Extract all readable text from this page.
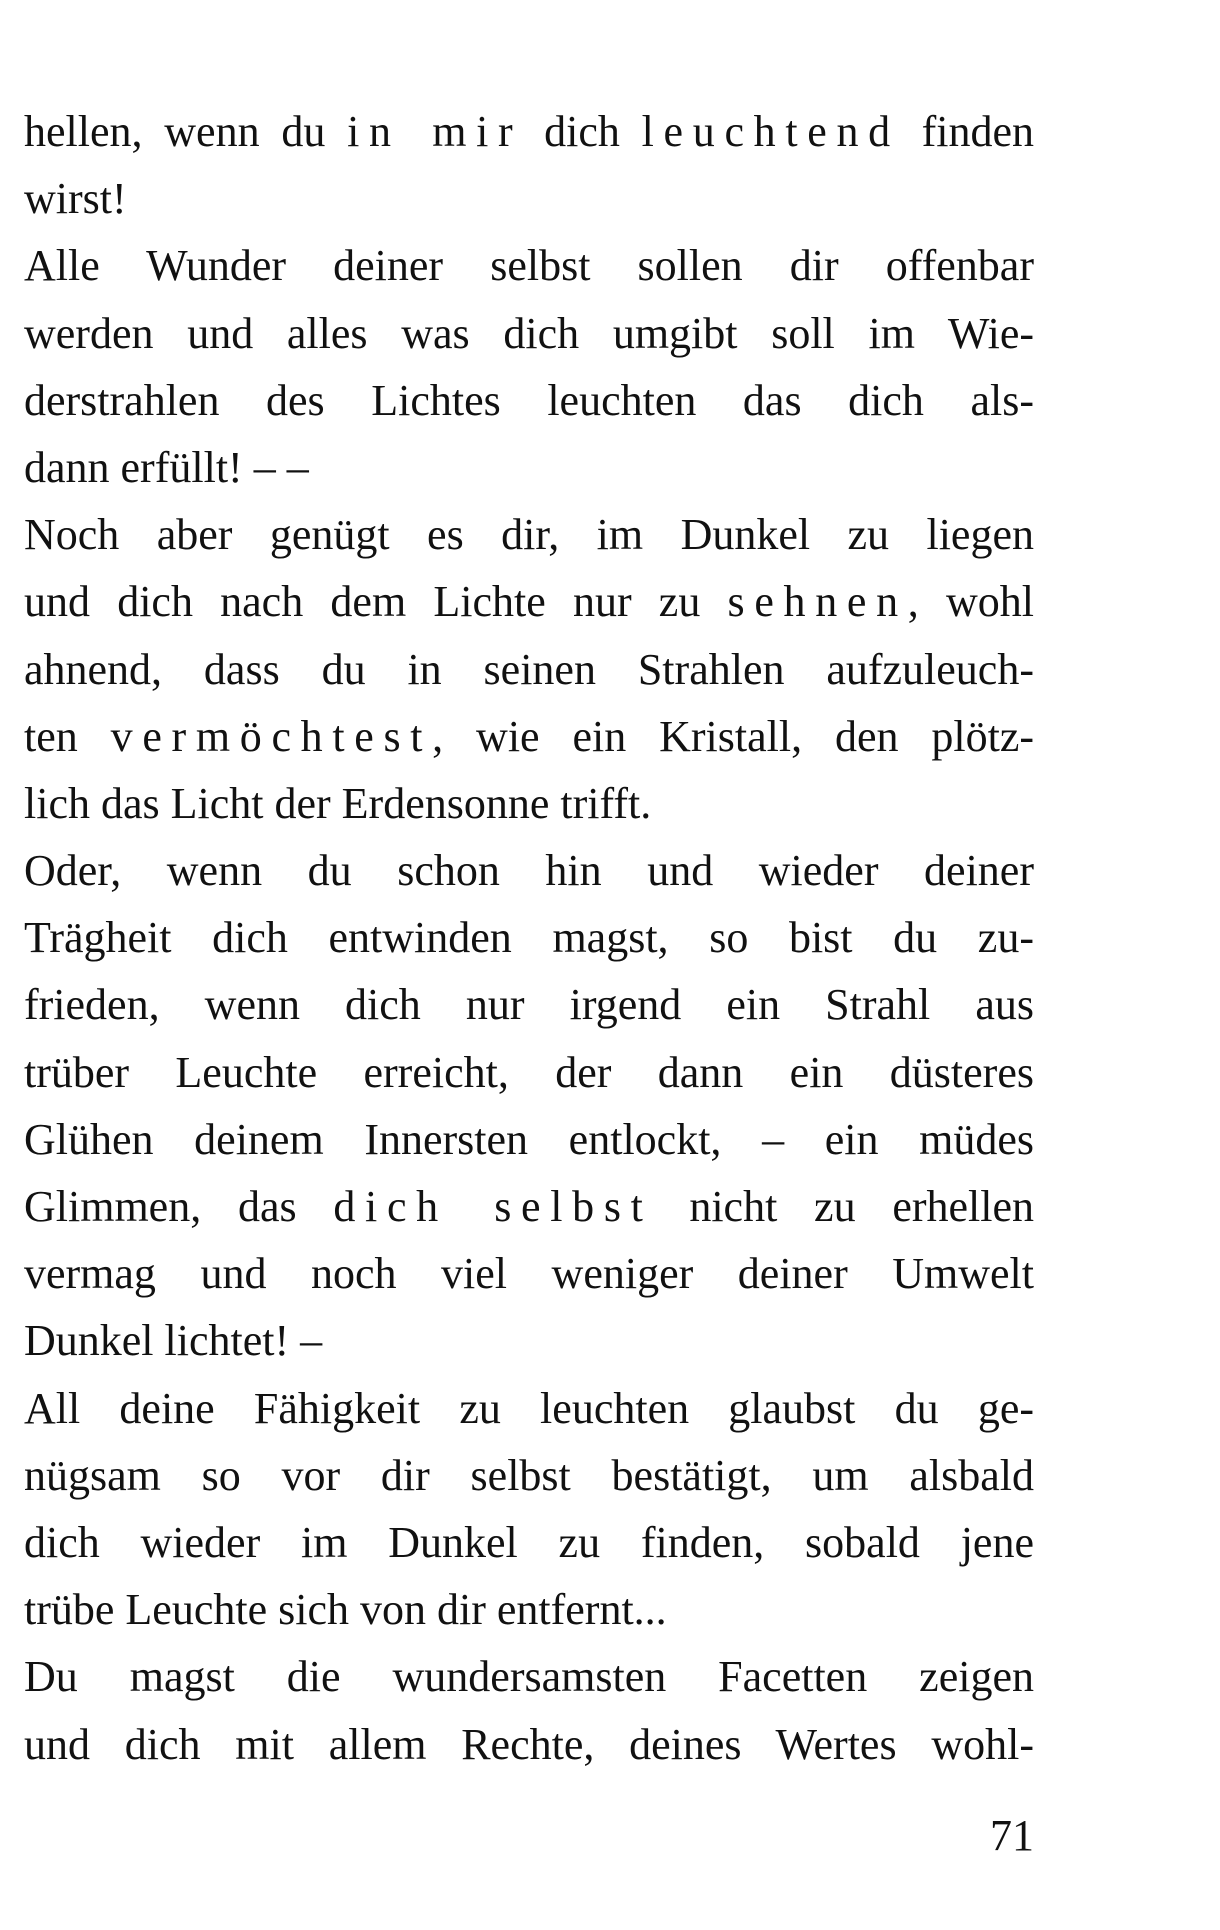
hellen, wenn du in mir dich leuchtend finden
wirst!
Alle Wunder deiner selbst sollen dir offenbar
werden und alles was dich umgibt soll im Wie-
derstrahlen des Lichtes leuchten das dich als-
dann erfüllt! – –
Noch aber genügt es dir, im Dunkel zu liegen
und dich nach dem Lichte nur zu sehnen, wohl
ahnend, dass du in seinen Strahlen aufzuleuch-
ten vermöchtest, wie ein Kristall, den plötz-
lich das Licht der Erdensonne trifft.
Oder, wenn du schon hin und wieder deiner
Trägheit dich entwinden magst, so bist du zu-
frieden, wenn dich nur irgend ein Strahl aus
trüber Leuchte erreicht, der dann ein düsteres
Glühen deinem Innersten entlockt, – ein müdes
Glimmen, das dich selbst nicht zu erhellen
vermag und noch viel weniger deiner Umwelt
Dunkel lichtet! –
All deine Fähigkeit zu leuchten glaubst du ge-
nügsam so vor dir selbst bestätigt, um alsbald
dich wieder im Dunkel zu finden, sobald jene
trübe Leuchte sich von dir entfernt...
Du magst die wundersamsten Facetten zeigen
und dich mit allem Rechte, deines Wertes wohl-
71
